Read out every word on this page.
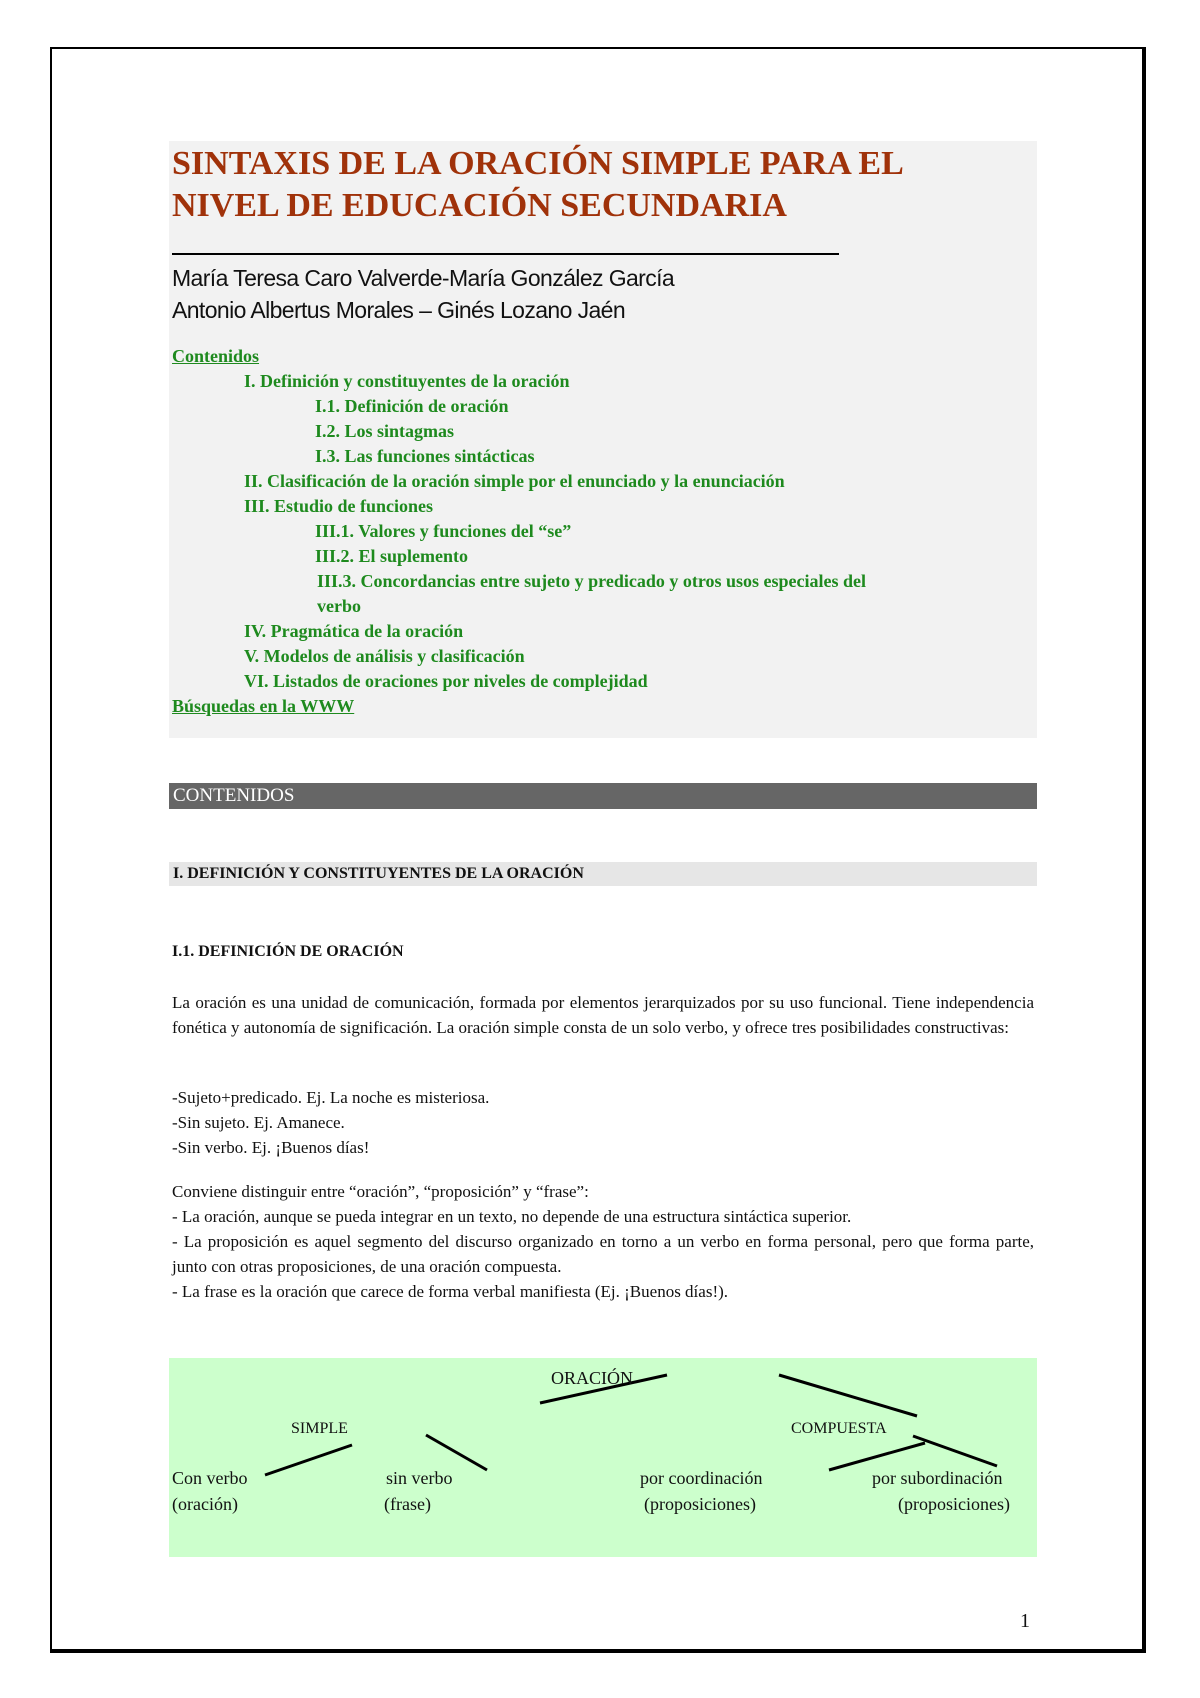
SINTAXIS DE LA ORACIÓN SIMPLE PARA EL
NIVEL DE EDUCACIÓN SECUNDARIA
María Teresa Caro Valverde-María González García
Antonio Albertus Morales – Ginés Lozano Jaén
Contenidos
I. Definición y constituyentes de la oración
I.1. Definición de oración
I.2. Los sintagmas
I.3. Las funciones sintácticas
II. Clasificación de la oración simple por el enunciado y la enunciación
III. Estudio de funciones
III.1. Valores y funciones del “se”
III.2. El suplemento
III.3. Concordancias entre sujeto y predicado y otros usos especiales del
verbo
IV. Pragmática de la oración
V. Modelos de análisis y clasificación
VI. Listados de oraciones por niveles de complejidad
Búsquedas en la WWW
CONTENIDOS
I. DEFINICIÓN Y CONSTITUYENTES DE LA ORACIÓN
I.1. DEFINICIÓN DE ORACIÓN
La oración es una unidad de comunicación, formada por elementos jerarquizados por su uso funcional. Tiene independencia fonética y autonomía de significación. La oración simple consta de un solo verbo, y ofrece tres posibilidades constructivas:
-Sujeto+predicado. Ej. La noche es misteriosa.
-Sin sujeto. Ej. Amanece.
-Sin verbo. Ej. ¡Buenos días!
Conviene distinguir entre “oración”, “proposición” y “frase”:
- La oración, aunque se pueda integrar en un texto, no depende de una estructura sintáctica superior.
- La proposición es aquel segmento del discurso organizado en torno a un verbo en forma personal, pero que forma parte, junto con otras proposiciones, de una oración compuesta.
- La frase es la oración que carece de forma verbal manifiesta (Ej. ¡Buenos días!).
ORACIÓN
SIMPLE	COMPUESTA
Con verbo
(oración)
sin verbo
(frase)
por coordinación
(proposiciones)
por subordinación
(proposiciones)
1
